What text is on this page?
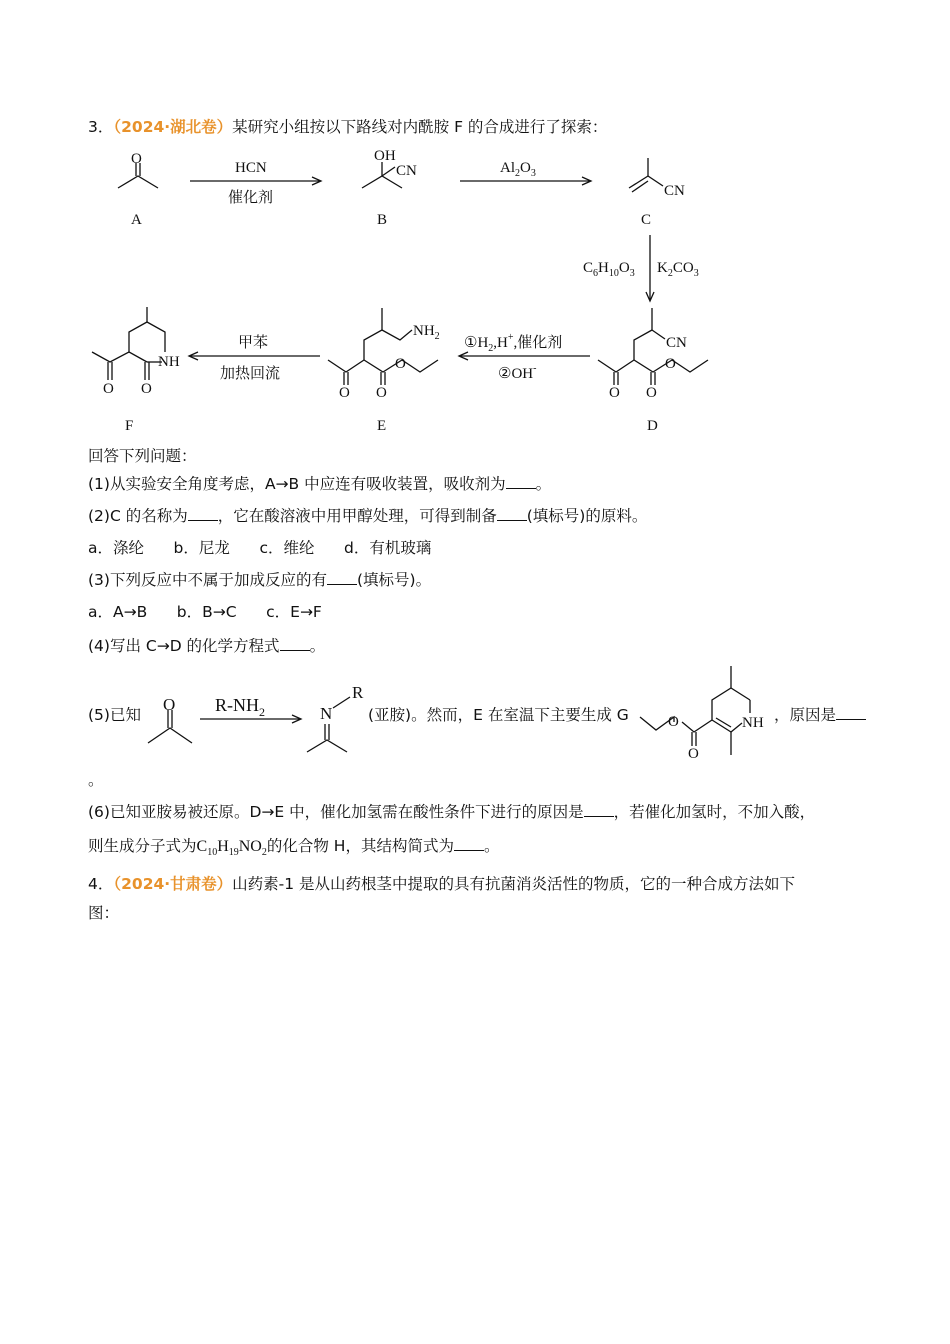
3．（2024·湖北卷）某研究小组按以下路线对内酰胺 F 的合成进行了探索：
O
A
HCN
催化剂
OH
CN
B
$Al_2O_3$
CN
C
$C_6H_{10}O_3$ $K_2CO_3$
CN
O O
O
D
$①H_2,H^+$,催化剂
②OH-
$NH_2$
O O
O
E
甲苯
加热回流
NH
O O
F
回答下列问题：
(1)从实验安全角度考虑，A→B 中应连有吸收装置，吸收剂为 。
(2)C 的名称为 ，它在酸溶液中用甲醇处理，可得到制备 (填标号)的原料。
a．涤纶      b．尼龙      c．维纶      d．有机玻璃
(3)下列反应中不属于加成反应的有 (填标号)。
a．A→B      b．B→C      c．E→F
(4)写出 C→D 的化学方程式 。
(5)已知
O $R-NH_2$	N
R
O
O
NH
(亚胺)。然而，E 在室温下主要生成 G	，原因是
。
(6)已知亚胺易被还原。D→E 中，催化加氢需在酸性条件下进行的原因是 ，若催化加氢时，不加入酸，
则生成分子式为$C_{10}H_{19}NO_2$的化合物 H，其结构简式为 。
4．（2024·甘肃卷）山药素-1 是从山药根茎中提取的具有抗菌消炎活性的物质，它的一种合成方法如下
图：
